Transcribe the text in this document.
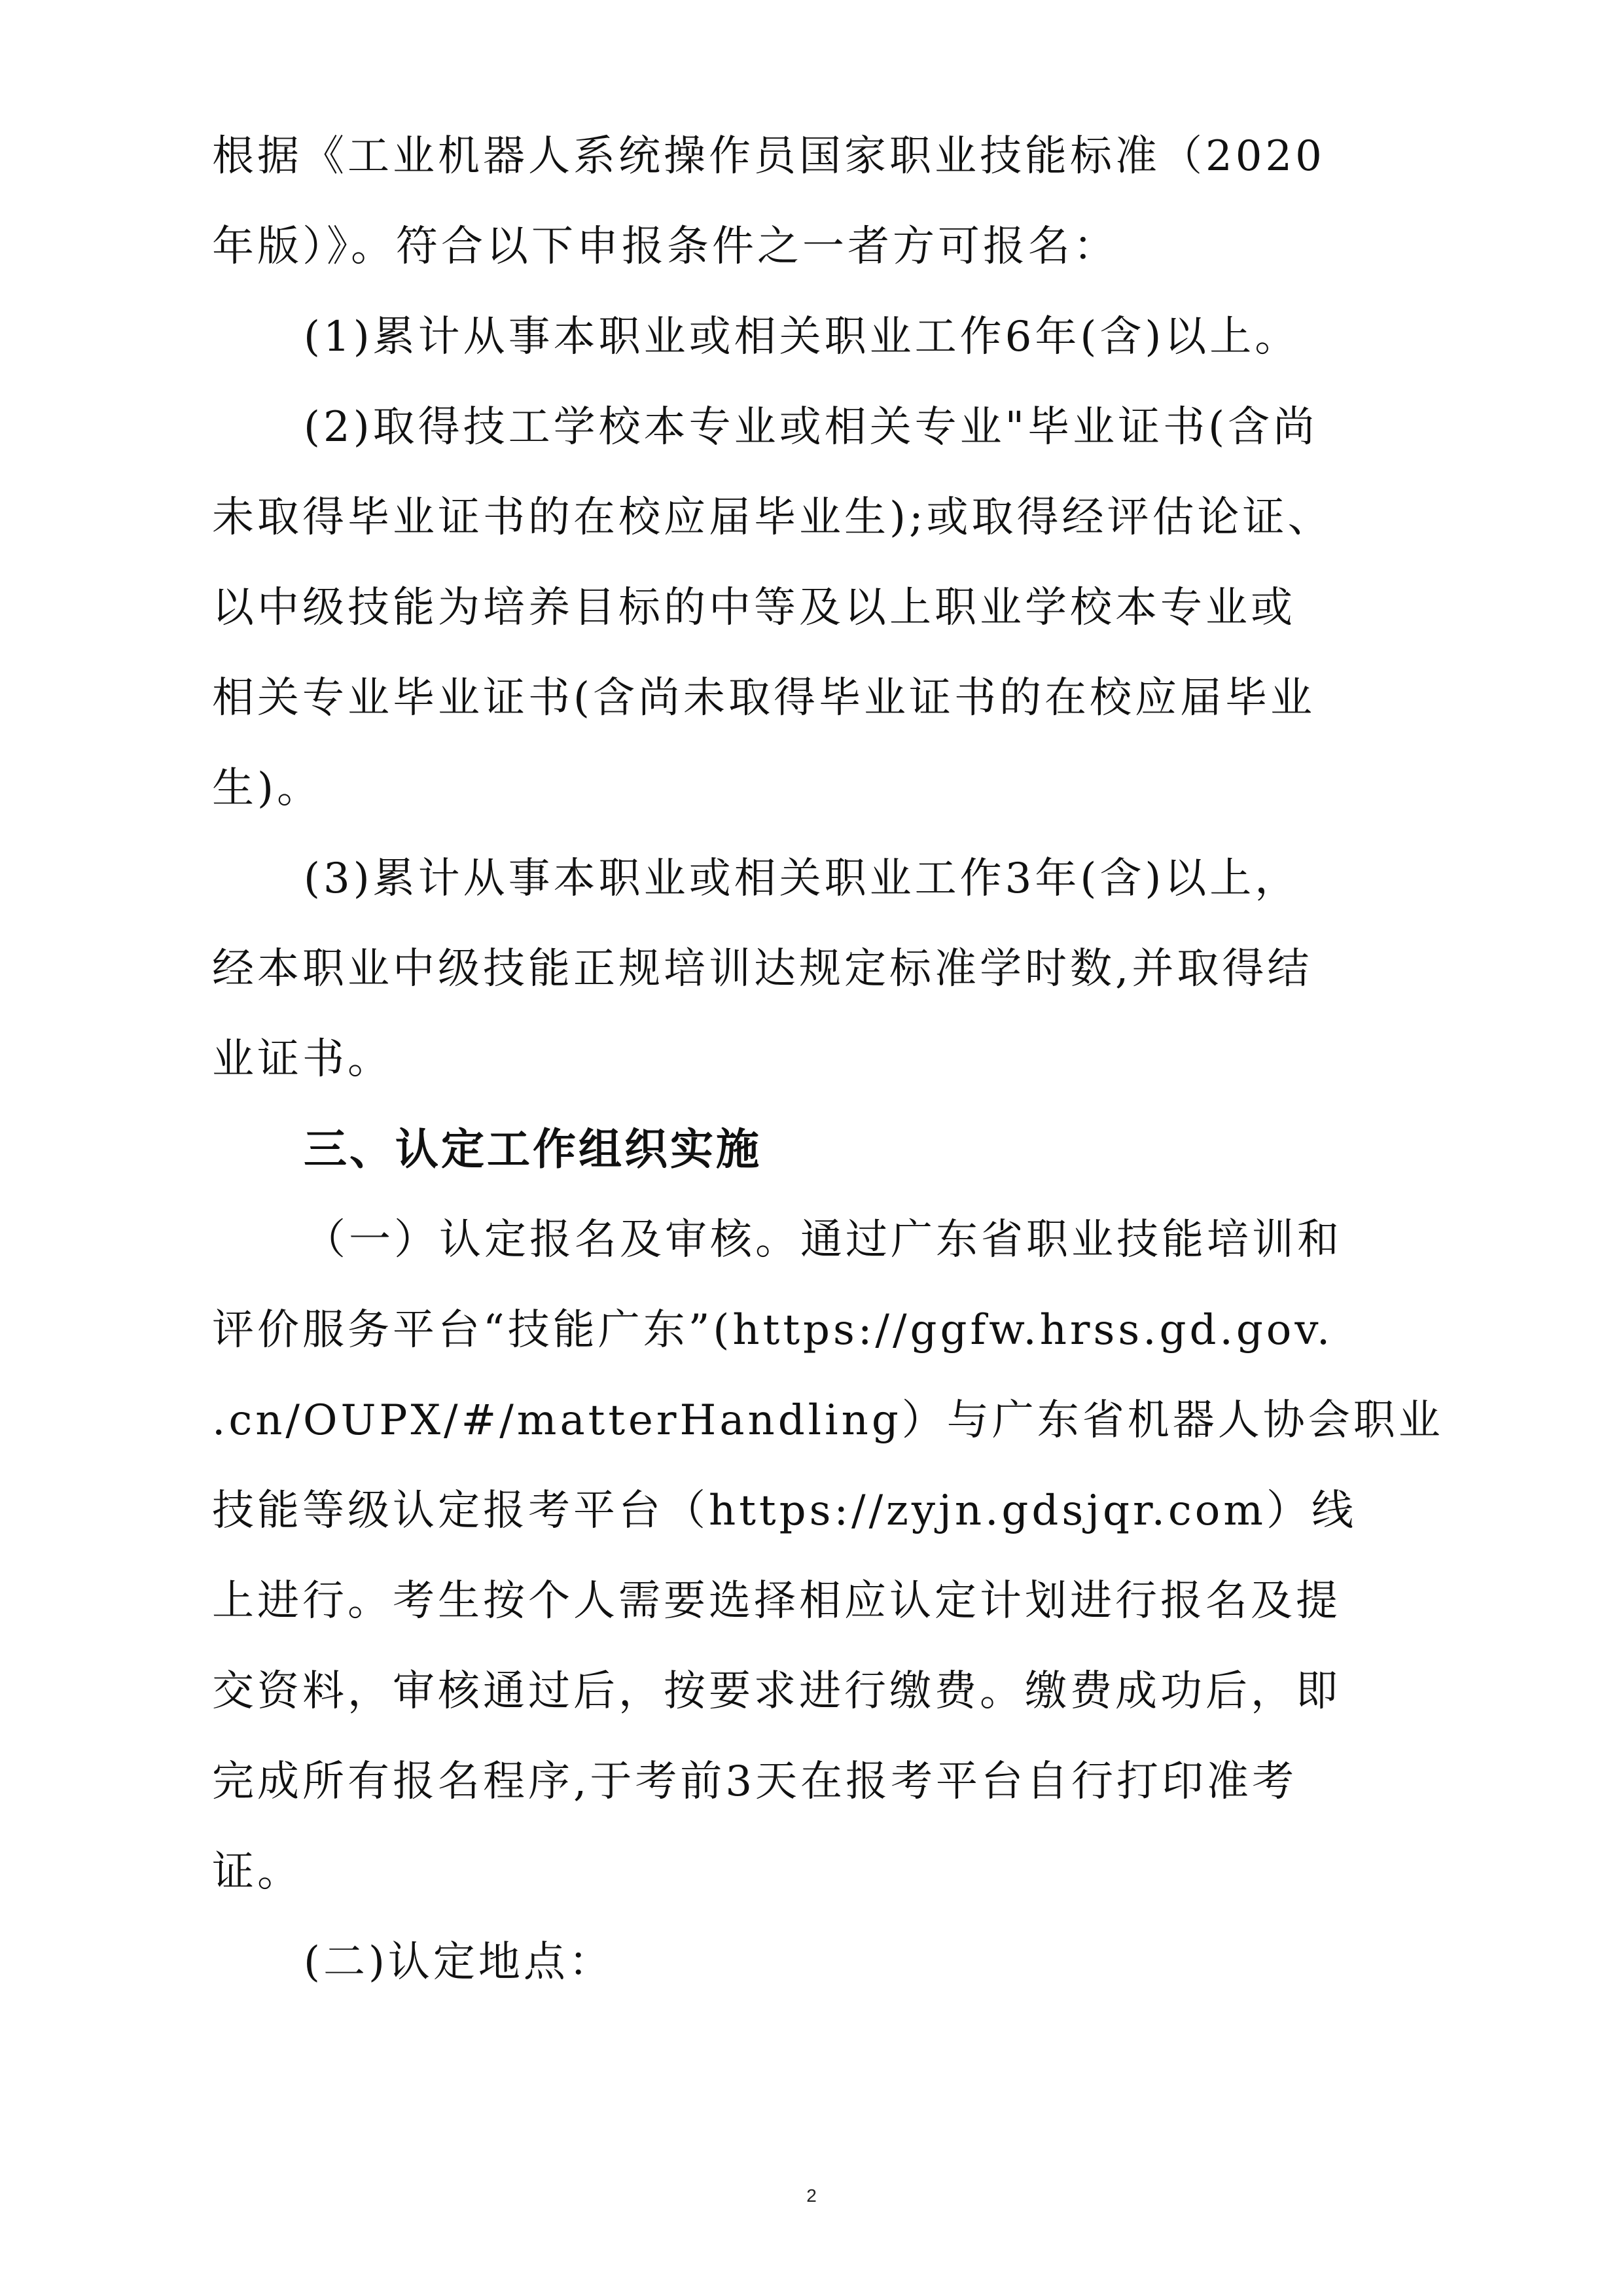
根据《工业机器人系统操作员国家职业技能标准（2020
年版）》。符合以下申报条件之一者方可报名：
(1)累计从事本职业或相关职业工作6年(含)以上。
(2)取得技工学校本专业或相关专业"毕业证书(含尚
未取得毕业证书的在校应届毕业生);或取得经评估论证、
以中级技能为培养目标的中等及以上职业学校本专业或
相关专业毕业证书(含尚未取得毕业证书的在校应届毕业
生)。
(3)累计从事本职业或相关职业工作3年(含)以上，
经本职业中级技能正规培训达规定标准学时数,并取得结
业证书。
三、认定工作组织实施
（一）认定报名及审核。通过广东省职业技能培训和
评价服务平台“技能广东”(https://ggfw.hrss.gd.gov.
.cn/OUPX/#/matterHandling）与广东省机器人协会职业
技能等级认定报考平台（https://zyjn.gdsjqr.com）线
上进行。考生按个人需要选择相应认定计划进行报名及提
交资料，审核通过后，按要求进行缴费。缴费成功后，即
完成所有报名程序,于考前3天在报考平台自行打印准考
证。
(二)认定地点：
2
